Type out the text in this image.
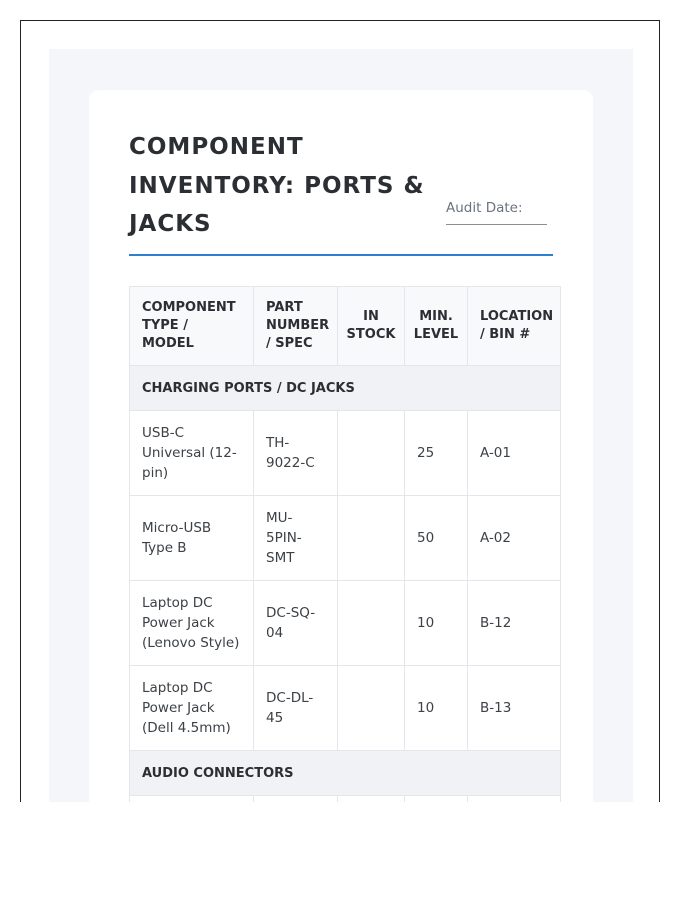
COMPONENT INVENTORY: PORTS & JACKS
Audit Date:
COMPONENT TYPE / MODEL	PART NUMBER / SPEC	IN STOCK	MIN. LEVEL	LOCATION / BIN #
CHARGING PORTS / DC JACKS				
USB-C Universal (12-pin)	TH-9022-C		25	A-01
Micro-USB Type B	MU-5PIN-SMT		50	A-02
Laptop DC Power Jack (Lenovo Style)	DC-SQ-04		10	B-12
Laptop DC Power Jack (Dell 4.5mm)	DC-DL-45		10	B-13
AUDIO CONNECTORS				
